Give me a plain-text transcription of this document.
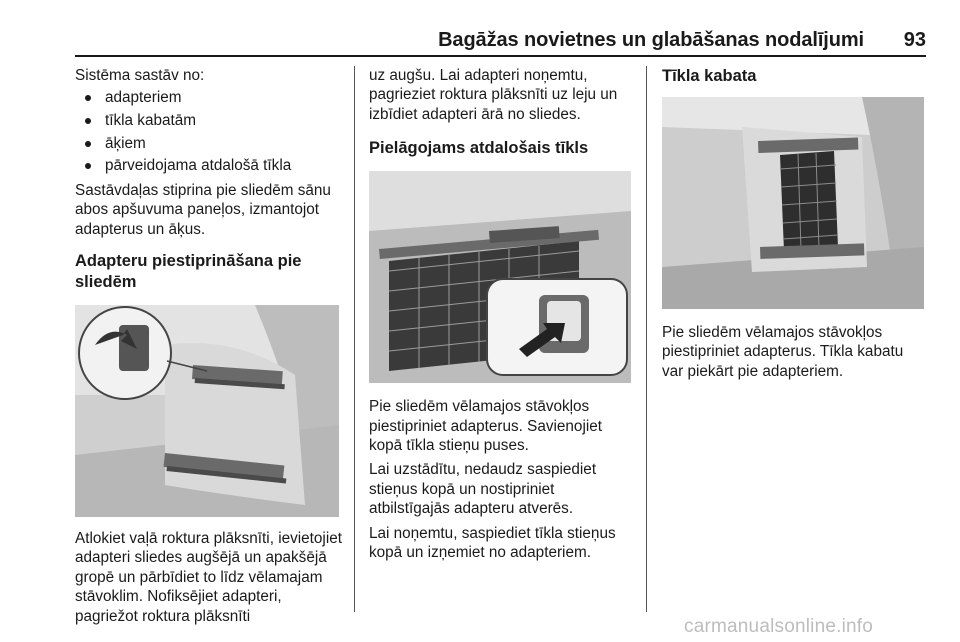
Bagāžas novietnes un glabāšanas nodalījumi 93

Sistēma sastāv no:

adapteriem
tīkla kabatām
āķiem
pārveidojama atdalošā tīkla

Sastāvdaļas stiprina pie sliedēm sānu abos apšuvuma paneļos, izmantojot adapterus un āķus.

Adapteru piestiprināšana pie sliedēm

Atlokiet vaļā roktura plāksnīti, ievietojiet adapteri sliedes augšējā un apakšējā gropē un pārbīdiet to līdz vēlamajam stāvoklim. Nofiksējiet adapteri, pagriežot roktura plāksnīti

uz augšu. Lai adapteri noņemtu, pagrieziet roktura plāksnīti uz leju un izbīdiet adapteri ārā no sliedes.

Pielāgojams atdalošais tīkls

Pie sliedēm vēlamajos stāvokļos piestipriniet adapterus. Savienojiet kopā tīkla stieņu puses.

Lai uzstādītu, nedaudz saspiediet stieņus kopā un nostipriniet atbilstīgajās adapteru atverēs.

Lai noņemtu, saspiediet tīkla stieņus kopā un izņemiet no adapteriem.

Tīkla kabata

Pie sliedēm vēlamajos stāvokļos piestipriniet adapterus. Tīkla kabatu var piekārt pie adapteriem.

carmanualsonline.info
